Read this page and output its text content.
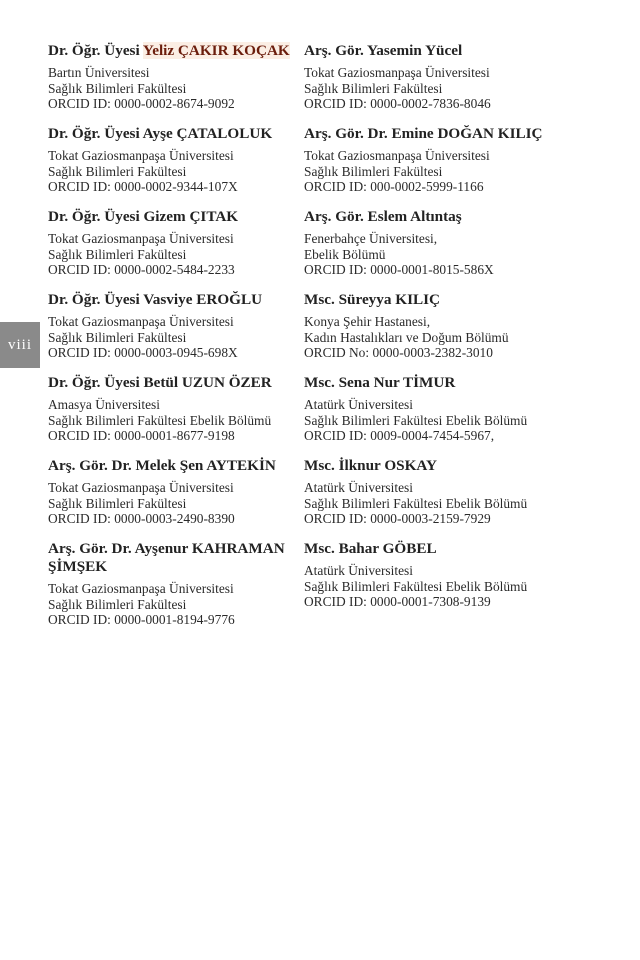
viii
Dr. Öğr. Üyesi Yeliz ÇAKIR KOÇAK
Bartın Üniversitesi
Sağlık Bilimleri Fakültesi
ORCID ID: 0000-0002-8674-9092
Dr. Öğr. Üyesi Ayşe ÇATALOLUK
Tokat Gaziosmanpaşa Üniversitesi
Sağlık Bilimleri Fakültesi
ORCID ID: 0000-0002-9344-107X
Dr. Öğr. Üyesi Gizem ÇITAK
Tokat Gaziosmanpaşa Üniversitesi
Sağlık Bilimleri Fakültesi
ORCID ID: 0000-0002-5484-2233
Dr. Öğr. Üyesi Vasviye EROĞLU
Tokat Gaziosmanpaşa Üniversitesi
Sağlık Bilimleri Fakültesi
ORCID ID: 0000-0003-0945-698X
Dr. Öğr. Üyesi Betül UZUN ÖZER
Amasya Üniversitesi
Sağlık Bilimleri Fakültesi Ebelik Bölümü
ORCID ID: 0000-0001-8677-9198
Arş. Gör. Dr. Melek Şen AYTEKİN
Tokat Gaziosmanpaşa Üniversitesi
Sağlık Bilimleri Fakültesi
ORCID ID: 0000-0003-2490-8390
Arş. Gör. Dr. Ayşenur KAHRAMAN
ŞİMŞEK
Tokat Gaziosmanpaşa Üniversitesi
Sağlık Bilimleri Fakültesi
ORCID ID: 0000-0001-8194-9776
Arş. Gör. Yasemin Yücel
Tokat Gaziosmanpaşa Üniversitesi
Sağlık Bilimleri Fakültesi
ORCID ID: 0000-0002-7836-8046
Arş. Gör. Dr. Emine DOĞAN KILIÇ
Tokat Gaziosmanpaşa Üniversitesi
Sağlık Bilimleri Fakültesi
ORCID ID: 000-0002-5999-1166
Arş. Gör. Eslem Altıntaş
Fenerbahçe Üniversitesi,
Ebelik Bölümü
ORCID ID: 0000-0001-8015-586X
Msc. Süreyya KILIÇ
Konya Şehir Hastanesi,
Kadın Hastalıkları ve Doğum Bölümü
ORCID No: 0000-0003-2382-3010
Msc. Sena Nur TİMUR
Atatürk Üniversitesi
Sağlık Bilimleri Fakültesi Ebelik Bölümü
ORCID ID: 0009-0004-7454-5967,
Msc. İlknur OSKAY
Atatürk Üniversitesi
Sağlık Bilimleri Fakültesi Ebelik Bölümü
ORCID ID: 0000-0003-2159-7929
Msc. Bahar GÖBEL
Atatürk Üniversitesi
Sağlık Bilimleri Fakültesi Ebelik Bölümü
ORCID ID: 0000-0001-7308-9139
